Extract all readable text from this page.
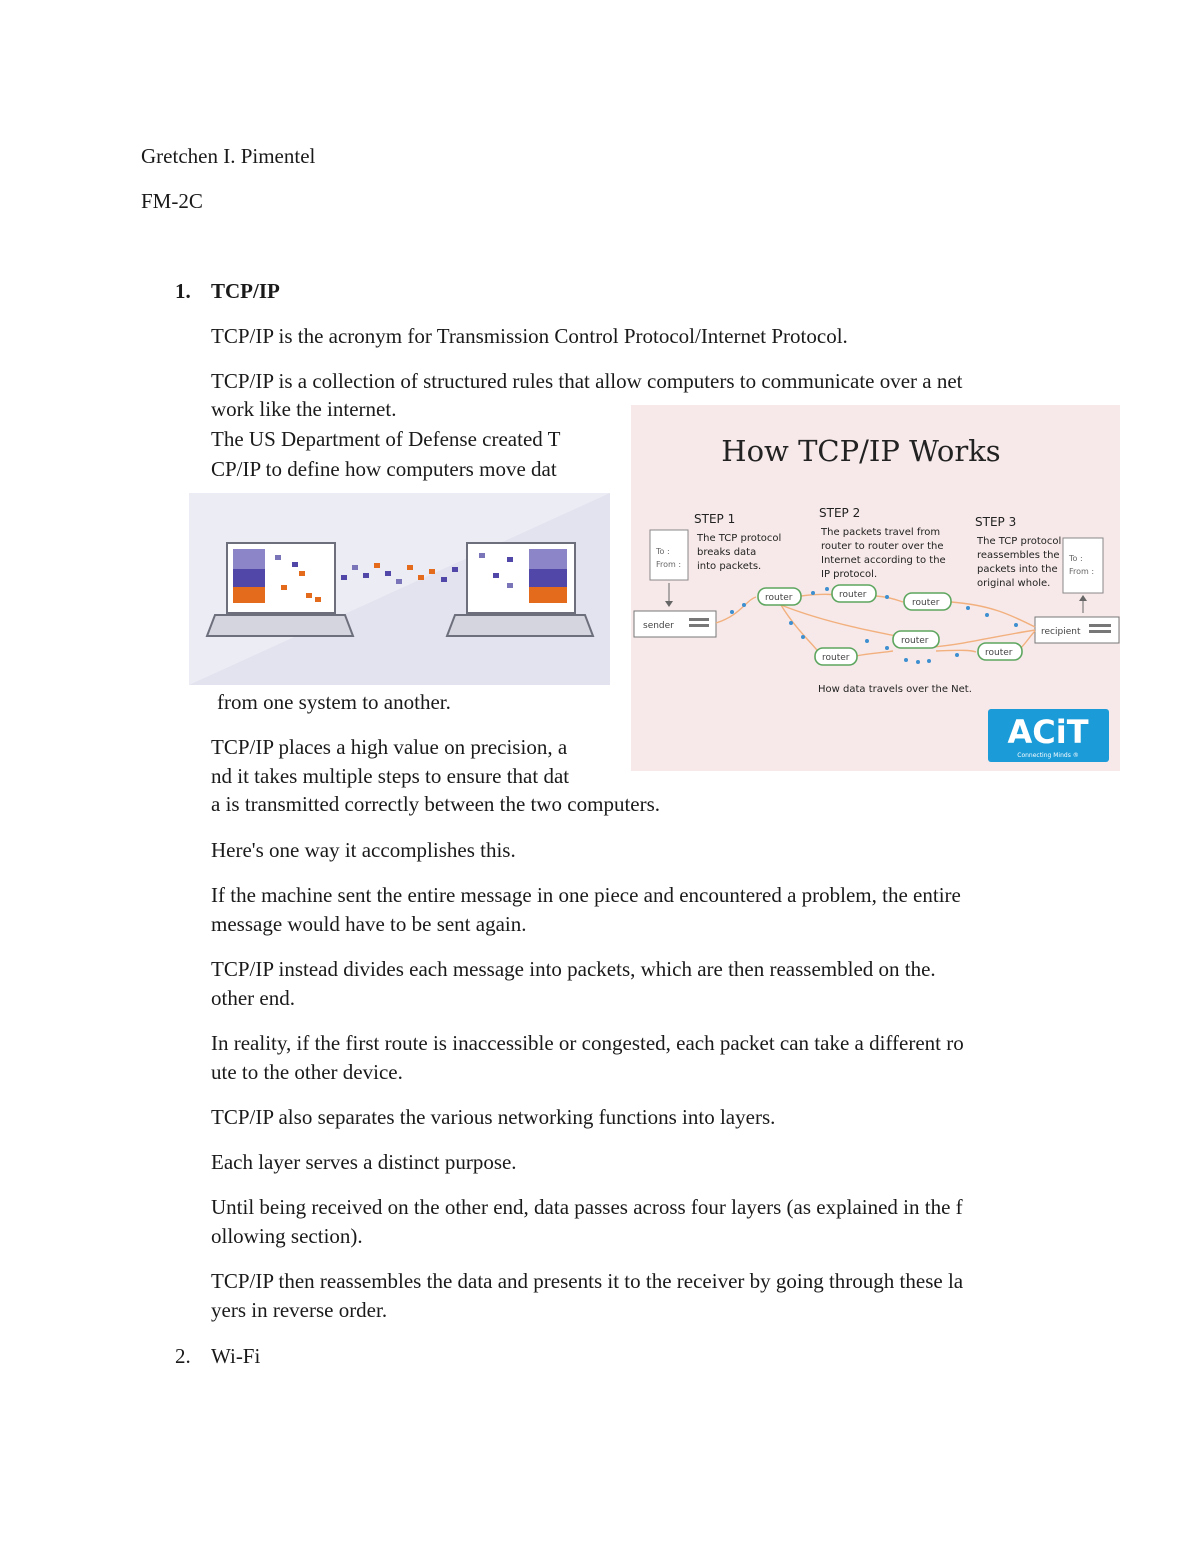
Gretchen I. Pimentel

FM-2C

1. TCP/IP

TCP/IP is the acronym for Transmission Control Protocol/Internet Protocol.

TCP/IP is a collection of structured rules that allow computers to communicate over a net

work like the internet.

The US Department of Defense created T

CP/IP to define how computers move dat

from one system to another.

TCP/IP places a high value on precision, a

nd it takes multiple steps to ensure that dat

a is transmitted correctly between the two computers.

Here's one way it accomplishes this.

If the machine sent the entire message in one piece and encountered a problem, the entire

message would have to be sent again.

TCP/IP instead divides each message into packets, which are then reassembled on the.

other end.

In reality, if the first route is inaccessible or congested, each packet can take a different ro

ute to the other device.

TCP/IP also separates the various networking functions into layers.

Each layer serves a distinct purpose.

Until being received on the other end, data passes across four layers (as explained in the f

ollowing section).

TCP/IP then reassembles the data and presents it to the receiver by going through these la

yers in reverse order.

2. Wi-Fi

How TCP/IP Works
STEP 1
The TCP protocol
breaks data
into packets.
STEP 2
The packets travel from
router to router over the
Internet according to the
IP protocol.
STEP 3
The TCP protocol
reassembles the
packets into the
original whole.
To :
From :
To :
From :
sender
recipient
router	router
router
router
router	router
How data travels over the Net.
ACiT
Connecting Minds ®
